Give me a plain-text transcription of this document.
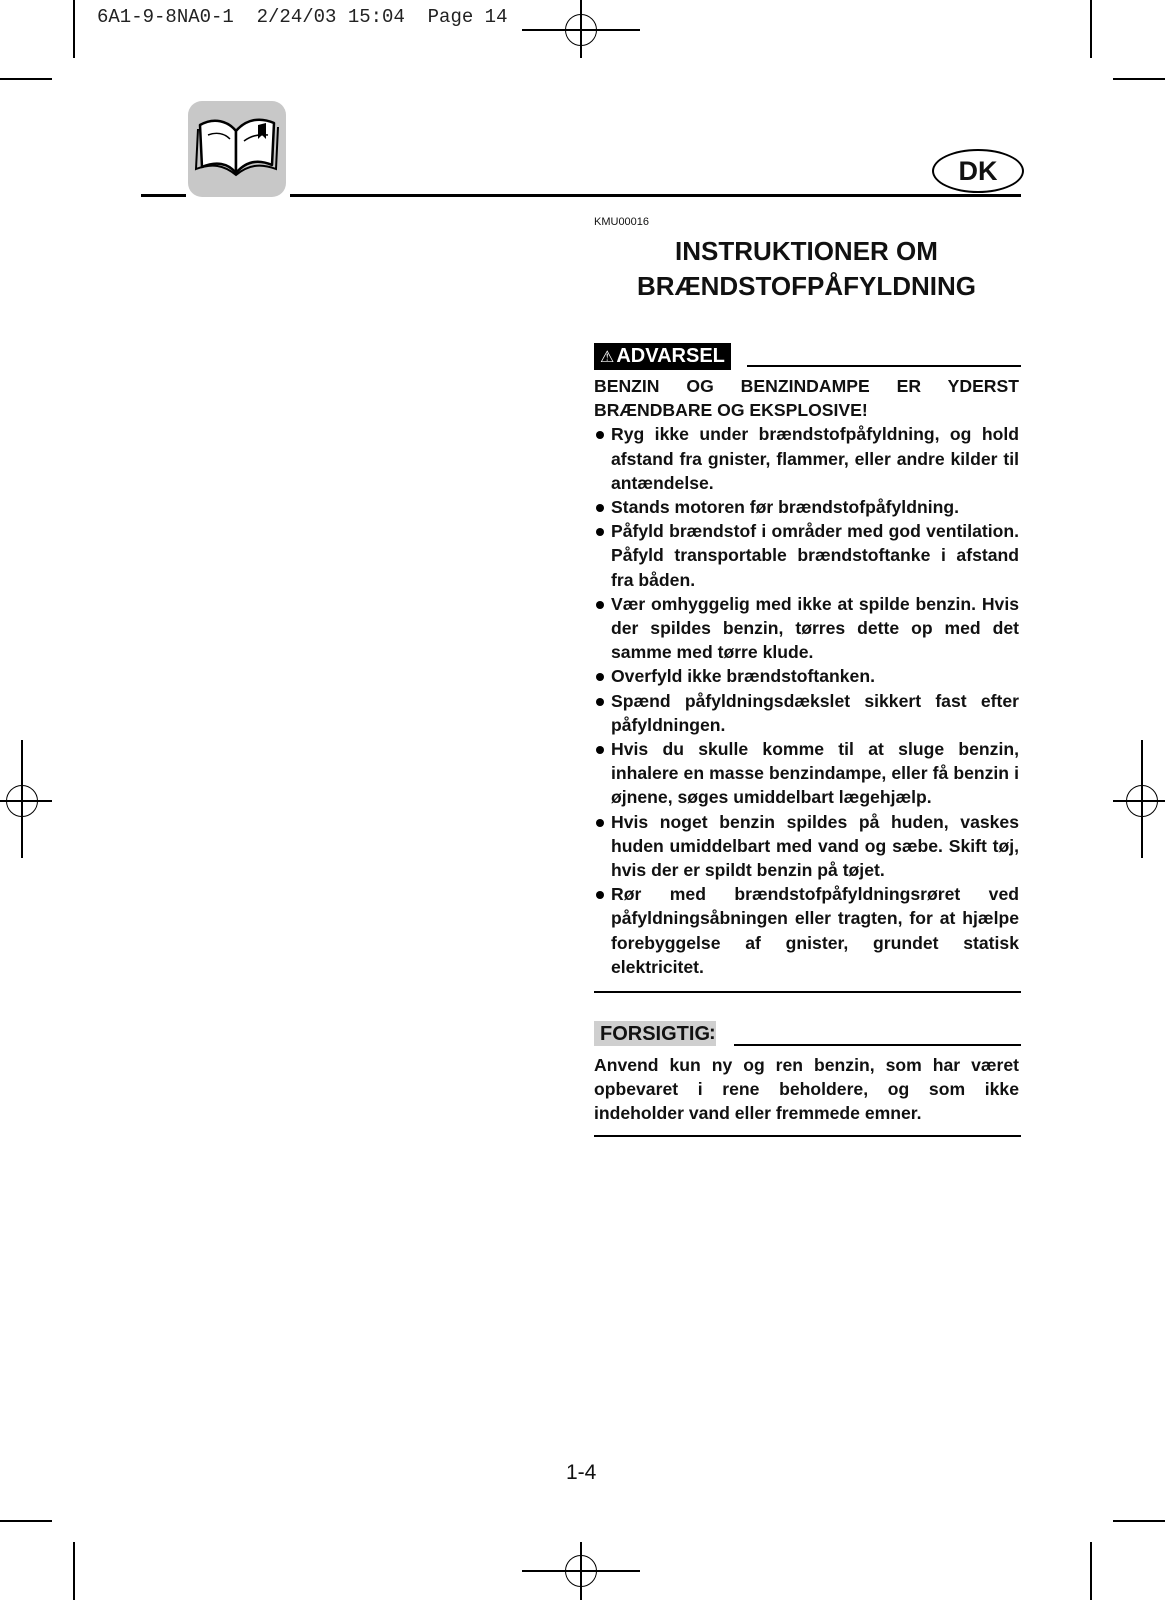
6A1-9-8NA0-1  2/24/03 15:04  Page 14
DK
KMU00016
INSTRUKTIONER OM
BRÆNDSTOFPÅFYLDNING
⚠ ADVARSEL

BENZIN OG BENZINDAMPE ER YDERST BRÆNDBARE OG EKSPLOSIVE!

Ryg ikke under brændstofpåfyldning, og hold afstand fra gnister, flammer, eller andre kilder til antændelse.
Stands motoren før brændstofpåfyldning.
Påfyld brændstof i områder med god ventilation. Påfyld transportable brændstoftanke i afstand fra båden.
Vær omhyggelig med ikke at spilde benzin. Hvis der spildes benzin, tørres dette op med det samme med tørre klude.
Overfyld ikke brændstoftanken.
Spænd påfyldningsdækslet sikkert fast efter påfyldningen.
Hvis du skulle komme til at sluge benzin, inhalere en masse benzindampe, eller få benzin i øjnene, søges umiddelbart lægehjælp.
Hvis noget benzin spildes på huden, vaskes huden umiddelbart med vand og sæbe. Skift tøj, hvis der er spildt benzin på tøjet.
Rør med brændstofpåfyldningsrøret ved påfyldningsåbningen eller tragten, for at hjælpe forebyggelse af gnister, grundet statisk elektricitet.
FORSIGTIG :
Anvend kun ny og ren benzin, som har været opbevaret i rene beholdere, og som ikke indeholder vand eller fremmede emner.
1-4
